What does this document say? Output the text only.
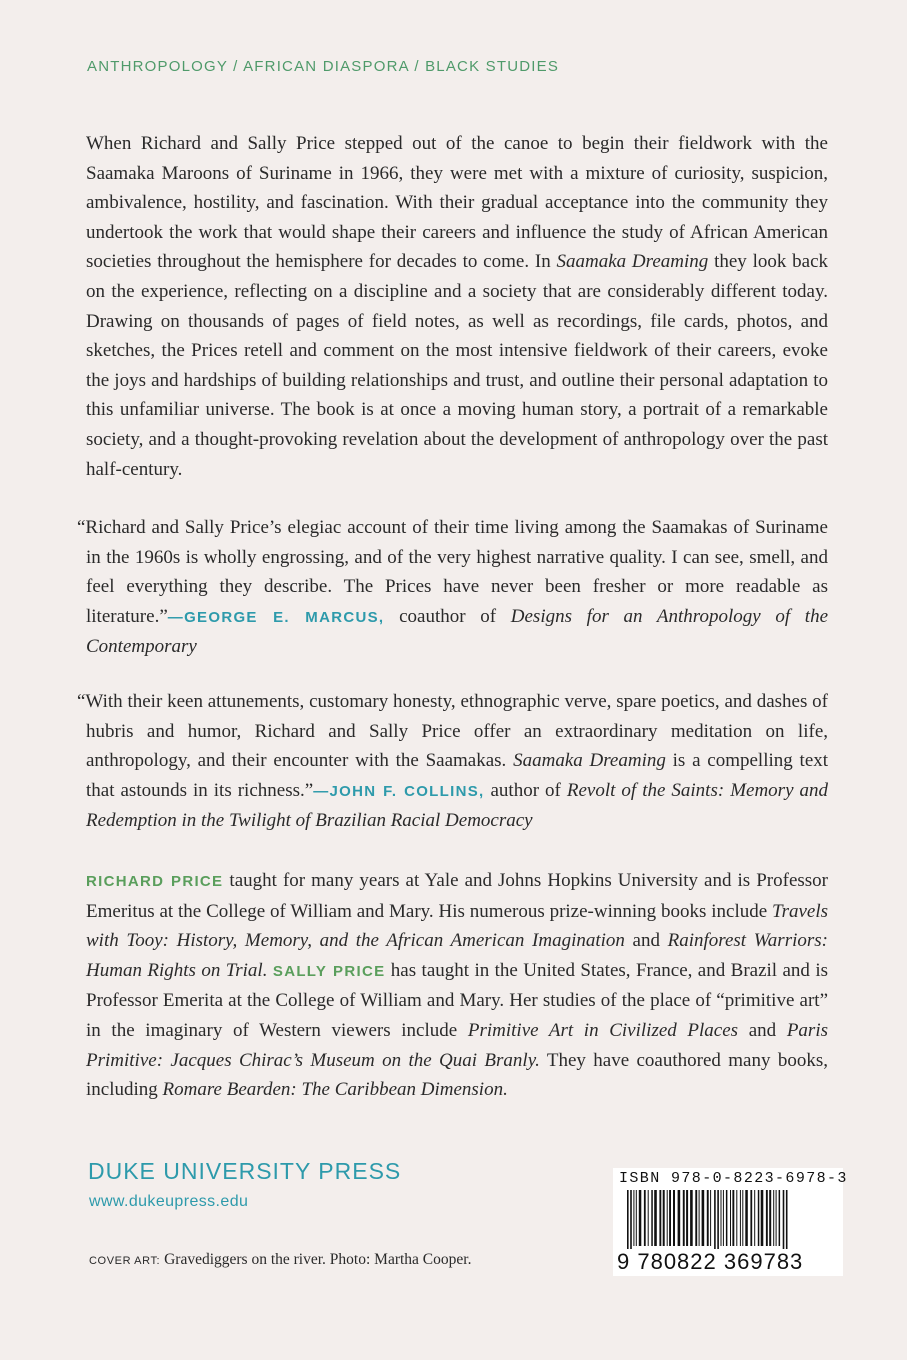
ANTHROPOLOGY / AFRICAN DIASPORA / BLACK STUDIES
When Richard and Sally Price stepped out of the canoe to begin their fieldwork with the Saamaka Maroons of Suriname in 1966, they were met with a mixture of curiosity, suspicion, ambivalence, hostility, and fascination. With their gradual acceptance into the community they undertook the work that would shape their careers and influence the study of African American societies throughout the hemisphere for decades to come. In Saamaka Dreaming they look back on the experience, reflecting on a discipline and a society that are considerably different today. Drawing on thousands of pages of field notes, as well as recordings, file cards, photos, and sketches, the Prices retell and comment on the most intensive fieldwork of their careers, evoke the joys and hardships of building relationships and trust, and outline their personal adaptation to this unfamiliar universe. The book is at once a moving human story, a portrait of a remarkable society, and a thought-provoking revelation about the development of anthropology over the past half-century.
“Richard and Sally Price’s elegiac account of their time living among the Saamakas of Suriname in the 1960s is wholly engrossing, and of the very highest narrative quality. I can see, smell, and feel everything they describe. The Prices have never been fresher or more readable as literature.”—GEORGE E. MARCUS, coauthor of Designs for an Anthropology of the Contemporary
“With their keen attunements, customary honesty, ethnographic verve, spare poetics, and dashes of hubris and humor, Richard and Sally Price offer an extraordinary meditation on life, anthropology, and their encounter with the Saamakas. Saamaka Dreaming is a compelling text that astounds in its richness.”—JOHN F. COLLINS, author of Revolt of the Saints: Memory and Redemption in the Twilight of Brazilian Racial Democracy
RICHARD PRICE taught for many years at Yale and Johns Hopkins University and is Professor Emeritus at the College of William and Mary. His numerous prize-winning books include Travels with Tooy: History, Memory, and the African American Imagination and Rainforest Warriors: Human Rights on Trial. SALLY PRICE has taught in the United States, France, and Brazil and is Professor Emerita at the College of William and Mary. Her studies of the place of “primitive art” in the imaginary of Western viewers include Primitive Art in Civilized Places and Paris Primitive: Jacques Chirac’s Museum on the Quai Branly. They have coauthored many books, including Romare Bearden: The Caribbean Dimension.
DUKE UNIVERSITY PRESS
www.dukeupress.edu
COVER ART: Gravediggers on the river. Photo: Martha Cooper.
ISBN 978-0-8223-6978-3
9 780822 369783
